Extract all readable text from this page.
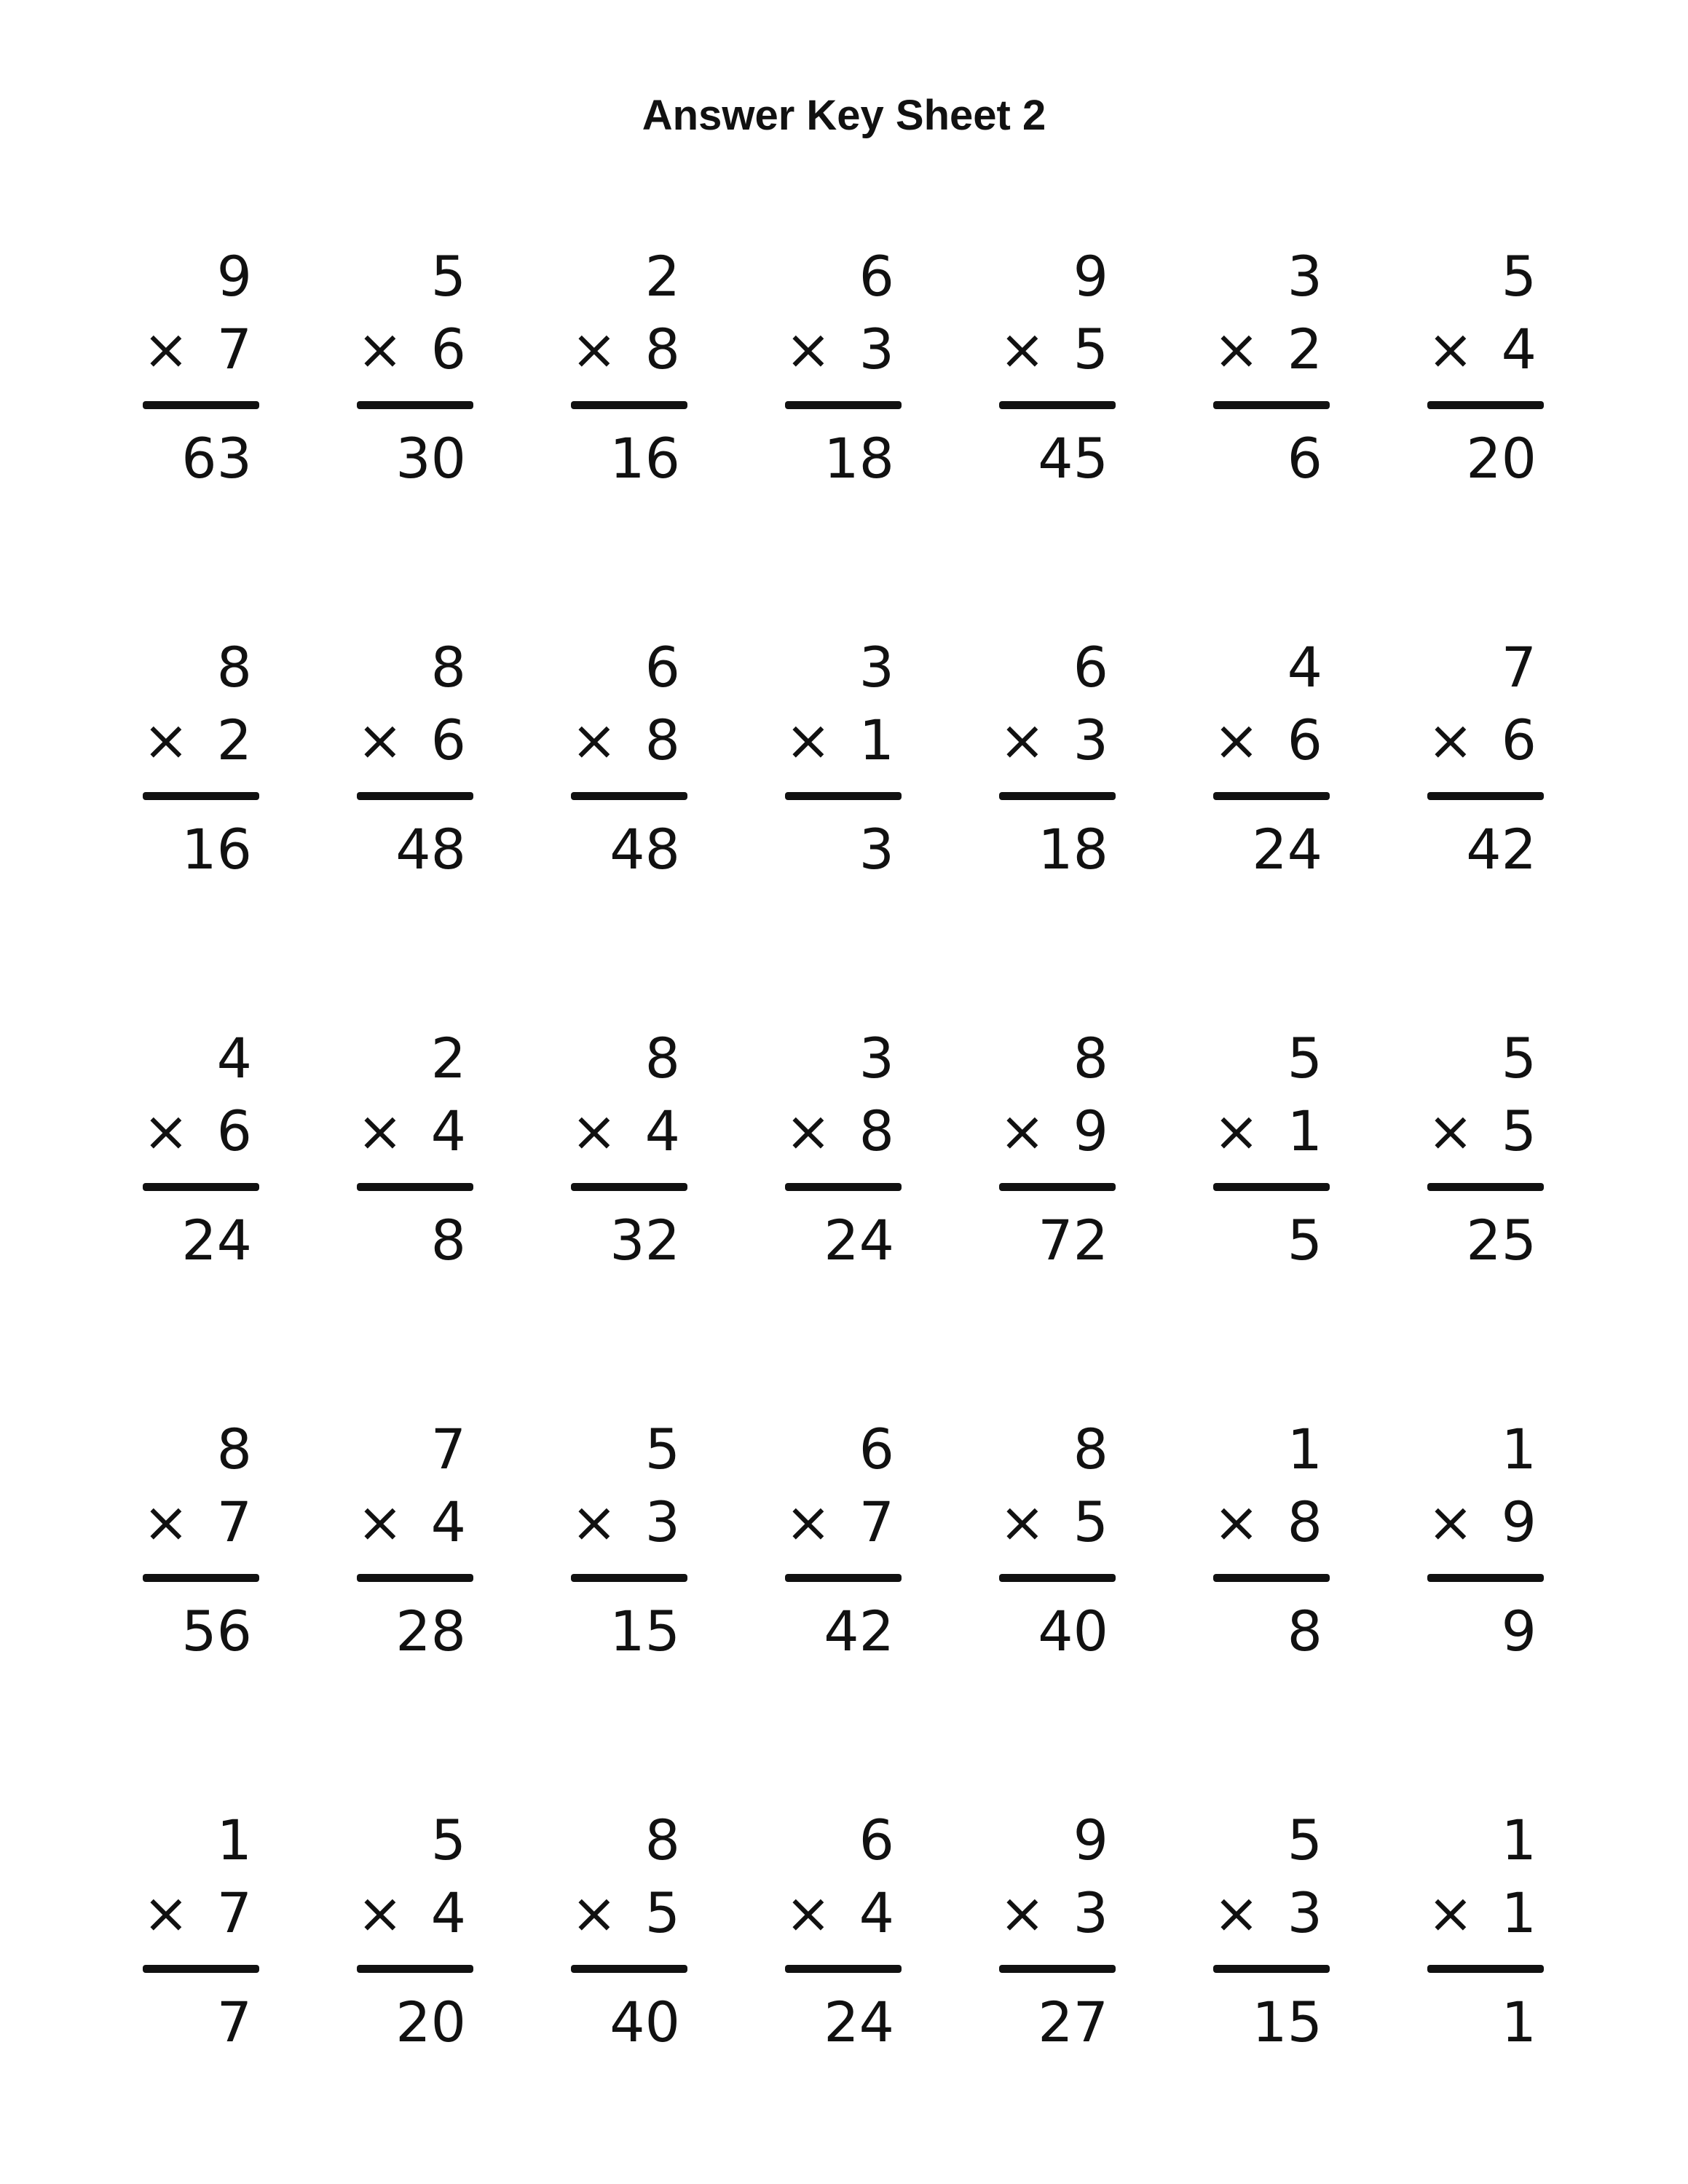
Answer Key Sheet 2
9
× 7
63
5
× 6
30
2
× 8
16
6
× 3
18
9
× 5
45
3
× 2
6
5
× 4
20
8
× 2
16
8
× 6
48
6
× 8
48
3
× 1
3
6
× 3
18
4
× 6
24
7
× 6
42
4
× 6
24
2
× 4
8
8
× 4
32
3
× 8
24
8
× 9
72
5
× 1
5
5
× 5
25
8
× 7
56
7
× 4
28
5
× 3
15
6
× 7
42
8
× 5
40
1
× 8
8
1
× 9
9
1
× 7
7
5
× 4
20
8
× 5
40
6
× 4
24
9
× 3
27
5
× 3
15
1
× 1
1
